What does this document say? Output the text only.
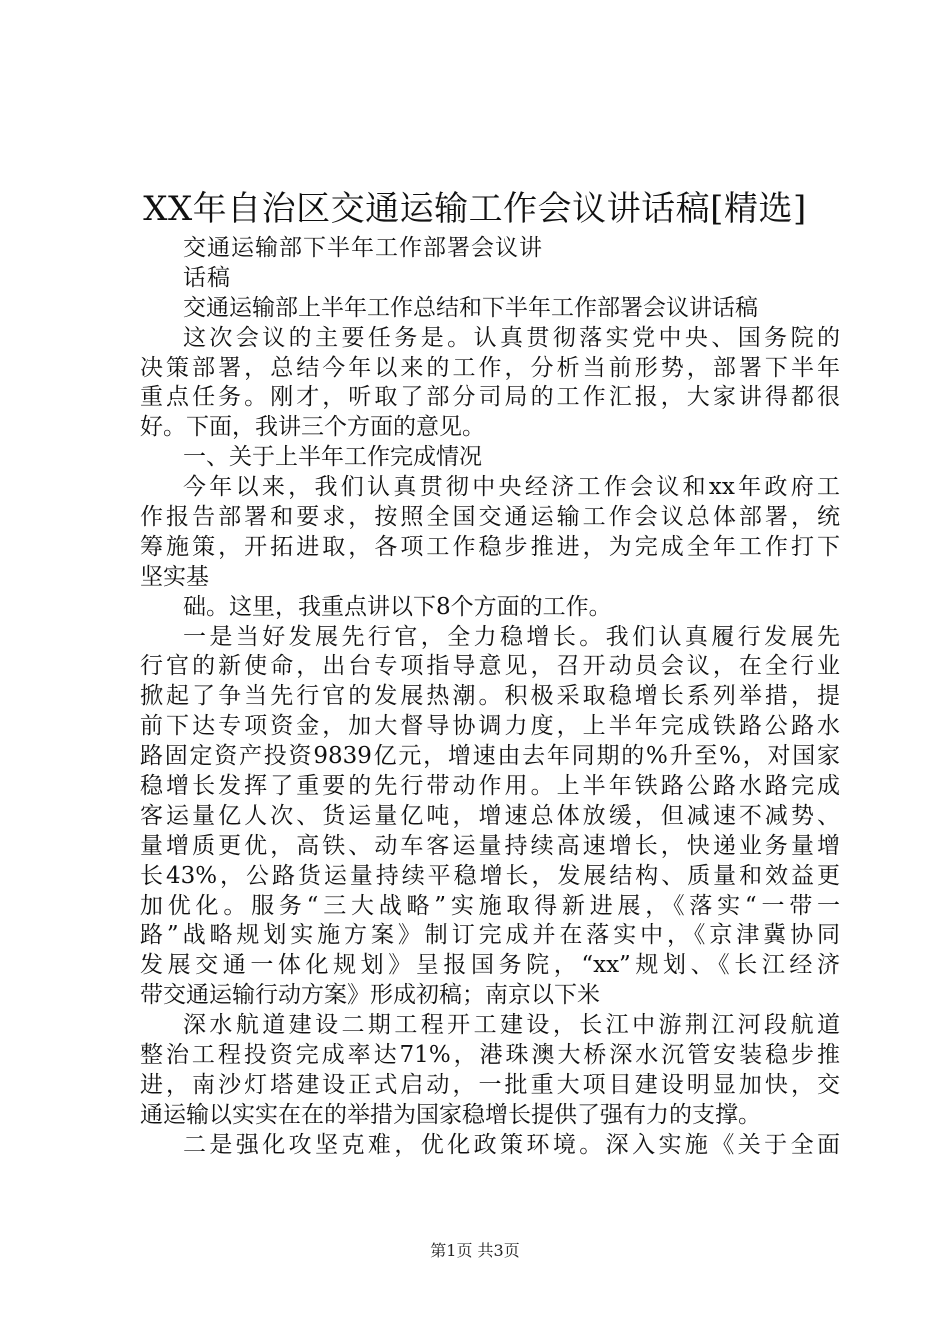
XX年自治区交通运输工作会议讲话稿[精选]
交通运输部下半年工作部署会议讲
话稿
交通运输部上半年工作总结和下半年工作部署会议讲话稿
这次会议的主要任务是。认真贯彻落实党中央、国务院的
决策部署，总结今年以来的工作，分析当前形势，部署下半年
重点任务。刚才，听取了部分司局的工作汇报，大家讲得都很
好。下面，我讲三个方面的意见。
一、关于上半年工作完成情况
今年以来，我们认真贯彻中央经济工作会议和xx年政府工
作报告部署和要求，按照全国交通运输工作会议总体部署，统
筹施策，开拓进取，各项工作稳步推进，为完成全年工作打下
坚实基
础。这里，我重点讲以下8个方面的工作。
一是当好发展先行官，全力稳增长。我们认真履行发展先
行官的新使命，出台专项指导意见，召开动员会议，在全行业
掀起了争当先行官的发展热潮。积极采取稳增长系列举措，提
前下达专项资金，加大督导协调力度，上半年完成铁路公路水
路固定资产投资9839亿元，增速由去年同期的%升至%，对国家
稳增长发挥了重要的先行带动作用。上半年铁路公路水路完成
客运量亿人次、货运量亿吨，增速总体放缓，但减速不减势、
量增质更优，高铁、动车客运量持续高速增长，快递业务量增
长43%，公路货运量持续平稳增长，发展结构、质量和效益更
加优化。服务“三大战略”实施取得新进展，《落实“一带一
路”战略规划实施方案》制订完成并在落实中，《京津冀协同
发展交通一体化规划》呈报国务院，“xx”规划、《长江经济
带交通运输行动方案》形成初稿；南京以下米
深水航道建设二期工程开工建设，长江中游荆江河段航道
整治工程投资完成率达71%，港珠澳大桥深水沉管安装稳步推
进，南沙灯塔建设正式启动，一批重大项目建设明显加快，交
通运输以实实在在的举措为国家稳增长提供了强有力的支撑。
二是强化攻坚克难，优化政策环境。深入实施《关于全面
第1页 共3页
